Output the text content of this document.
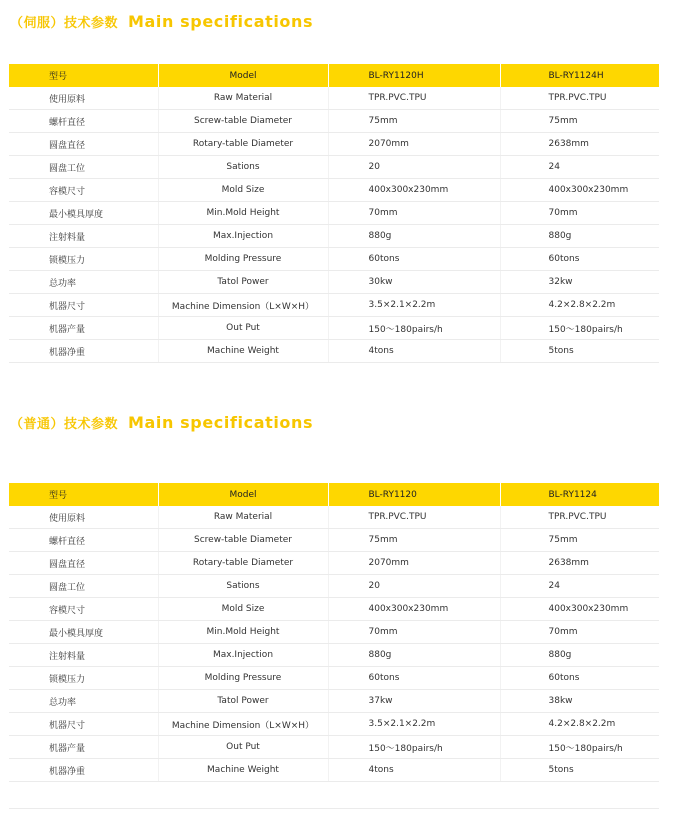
（伺服）技术参数 Main specifications
型号	Model	BL-RY1120H	BL-RY1124H
使用原料	Raw Material	TPR.PVC.TPU	TPR.PVC.TPU
螺杆直径	Screw-table Diameter	75mm	75mm
圆盘直径	Rotary-table Diameter	2070mm	2638mm
圆盘工位	Sations	20	24
容模尺寸	Mold Size	400x300x230mm	400x300x230mm
最小模具厚度	Min.Mold Height	70mm	70mm
注射料量	Max.Injection	880g	880g
锁模压力	Molding Pressure	60tons	60tons
总功率	Tatol Power	30kw	32kw
机器尺寸	Machine Dimension（L×W×H）	3.5×2.1×2.2m	4.2×2.8×2.2m
机器产量	Out Put	150〜180pairs/h	150〜180pairs/h
机器净重	Machine Weight	4tons	5tons
（普通）技术参数 Main specifications
型号	Model	BL-RY1120	BL-RY1124
使用原料	Raw Material	TPR.PVC.TPU	TPR.PVC.TPU
螺杆直径	Screw-table Diameter	75mm	75mm
圆盘直径	Rotary-table Diameter	2070mm	2638mm
圆盘工位	Sations	20	24
容模尺寸	Mold Size	400x300x230mm	400x300x230mm
最小模具厚度	Min.Mold Height	70mm	70mm
注射料量	Max.Injection	880g	880g
锁模压力	Molding Pressure	60tons	60tons
总功率	Tatol Power	37kw	38kw
机器尺寸	Machine Dimension（L×W×H）	3.5×2.1×2.2m	4.2×2.8×2.2m
机器产量	Out Put	150〜180pairs/h	150〜180pairs/h
机器净重	Machine Weight	4tons	5tons
